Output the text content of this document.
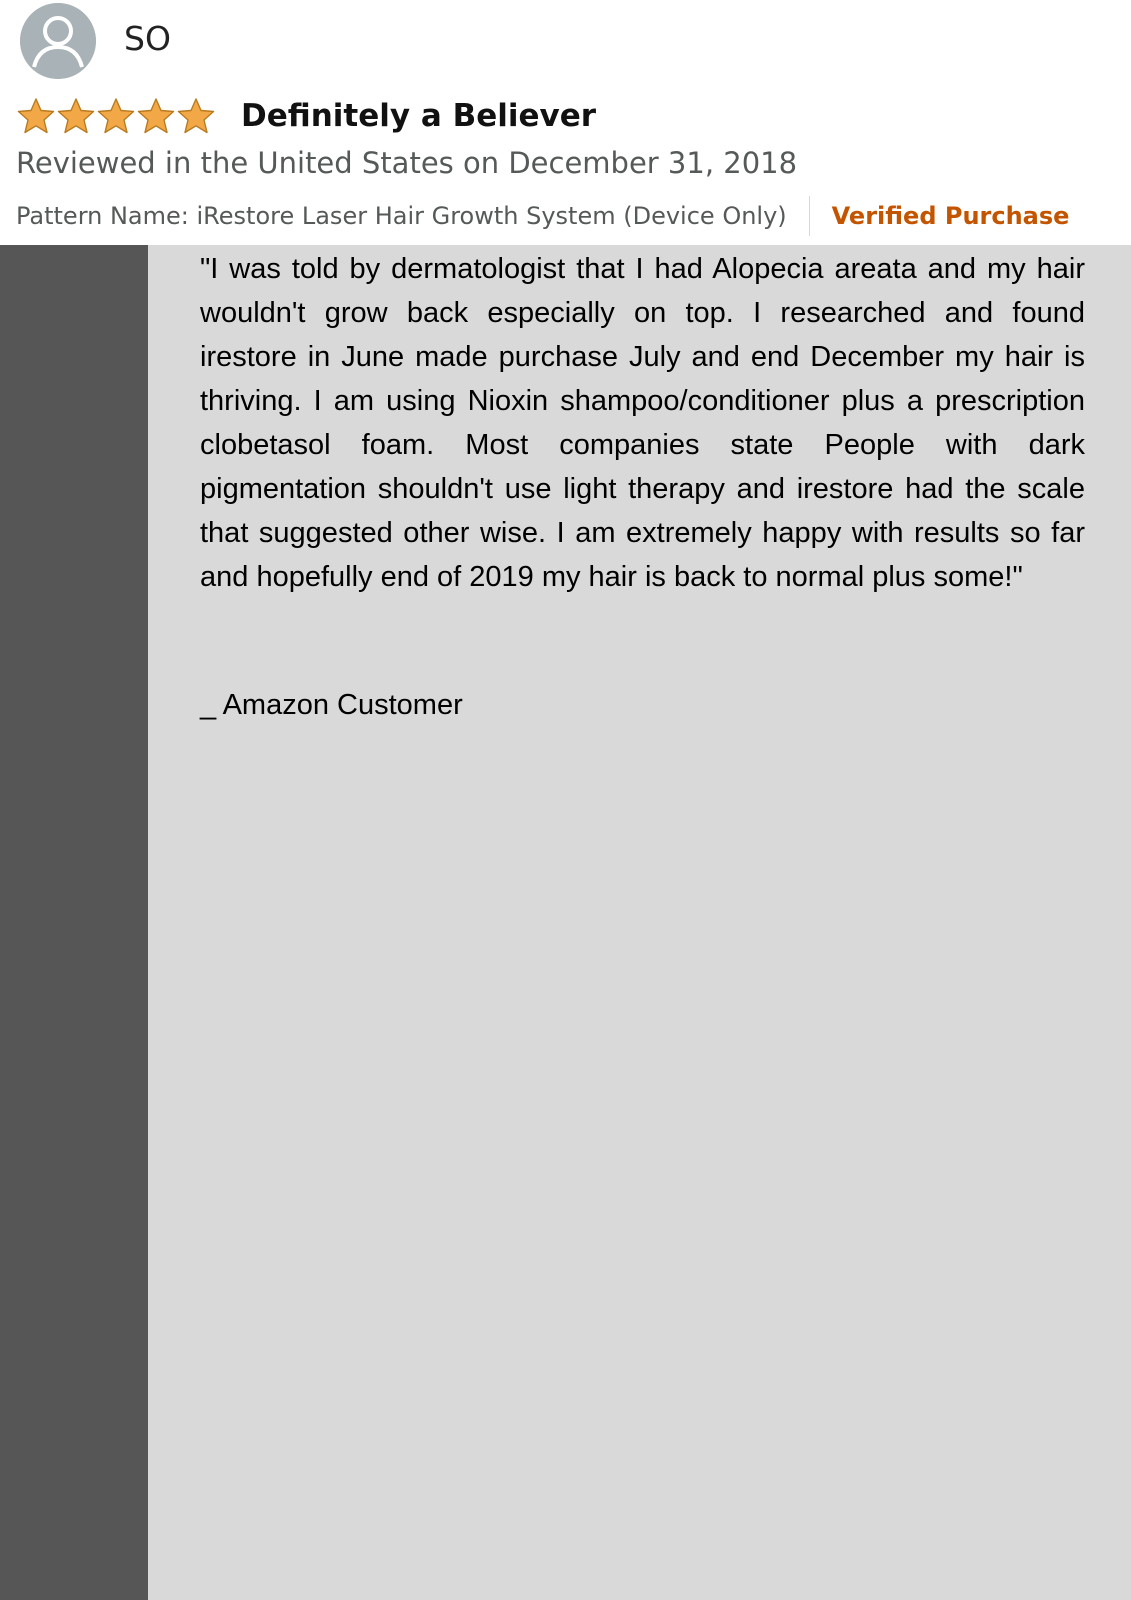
SO
Definitely a Believer
Reviewed in the United States on December 31, 2018
Pattern Name: iRestore Laser Hair Growth System (Device Only) Verified Purchase

"I was told by dermatologist that I had Alopecia areata and my hair wouldn't grow back especially on top. I researched and found irestore in June made purchase July and end December my hair is thriving. I am using Nioxin shampoo/conditioner plus a prescription clobetasol foam. Most companies state People with dark pigmentation shouldn't use light therapy and irestore had the scale that suggested other wise. I am extremely happy with results so far and hopefully end of 2019 my hair is back to normal plus some!"

_ Amazon Customer
